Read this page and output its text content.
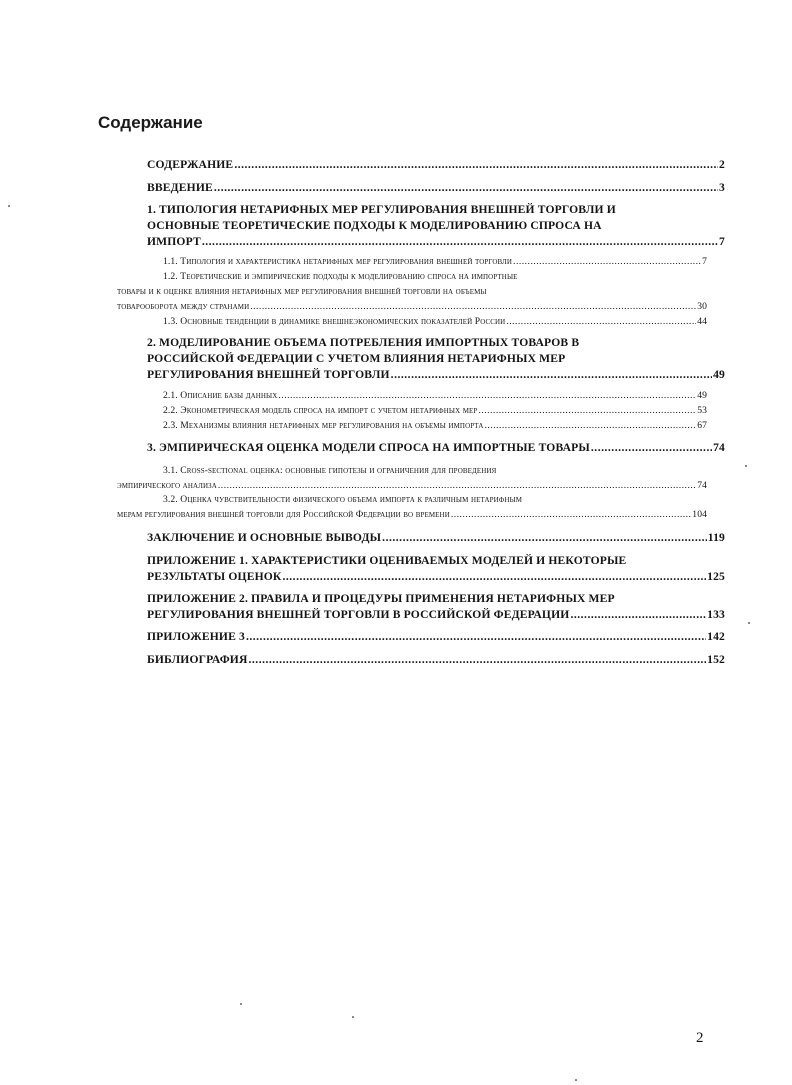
Содержание
СОДЕРЖАНИЕ .....	2
ВВЕДЕНИЕ .....	3
1. ТИПОЛОГИЯ НЕТАРИФНЫХ МЕР РЕГУЛИРОВАНИЯ ВНЕШНЕЙ ТОРГОВЛИ И
ОСНОВНЫЕ ТЕОРЕТИЧЕСКИЕ ПОДХОДЫ К МОДЕЛИРОВАНИЮ СПРОСА НА
ИМПОРТ .....	7
1.1. Типология и характеристика нетарифных мер регулирования внешней торговли .....	7
1.2. Теоретические и эмпирические подходы к моделированию спроса на импортные
товары и к оценке влияния нетарифных мер регулирования внешней торговли на объемы
товарооборота между странами .....	30
1.3. Основные тенденции в динамике внешнеэкономических показателей России .....	44
2. МОДЕЛИРОВАНИЕ ОБЪЕМА ПОТРЕБЛЕНИЯ ИМПОРТНЫХ ТОВАРОВ В
РОССИЙСКОЙ ФЕДЕРАЦИИ С УЧЕТОМ ВЛИЯНИЯ НЕТАРИФНЫХ МЕР
РЕГУЛИРОВАНИЯ ВНЕШНЕЙ ТОРГОВЛИ .....	49
2.1. Описание базы данных .....	49
2.2. Эконометрическая модель спроса на импорт с учетом нетарифных мер .....	53
2.3. Механизмы влияния нетарифных мер регулирования на объемы импорта .....	67
3. ЭМПИРИЧЕСКАЯ ОЦЕНКА МОДЕЛИ СПРОСА НА ИМПОРТНЫЕ ТОВАРЫ .....	74
3.1. Cross-sectional оценка: основные гипотезы и ограничения для проведения
эмпирического анализа .....	74
3.2. Оценка чувствительности физического объема импорта к различным нетарифным
мерам регулирования внешней торговли для Российской Федерации во времени .....	104
ЗАКЛЮЧЕНИЕ И ОСНОВНЫЕ ВЫВОДЫ .....	119
ПРИЛОЖЕНИЕ 1. ХАРАКТЕРИСТИКИ ОЦЕНИВАЕМЫХ МОДЕЛЕЙ И НЕКОТОРЫЕ
РЕЗУЛЬТАТЫ ОЦЕНОК .....	125
ПРИЛОЖЕНИЕ 2. ПРАВИЛА И ПРОЦЕДУРЫ ПРИМЕНЕНИЯ НЕТАРИФНЫХ МЕР
РЕГУЛИРОВАНИЯ ВНЕШНЕЙ ТОРГОВЛИ В РОССИЙСКОЙ ФЕДЕРАЦИИ .....	133
ПРИЛОЖЕНИЕ 3 .....	142
БИБЛИОГРАФИЯ .....	152
2
